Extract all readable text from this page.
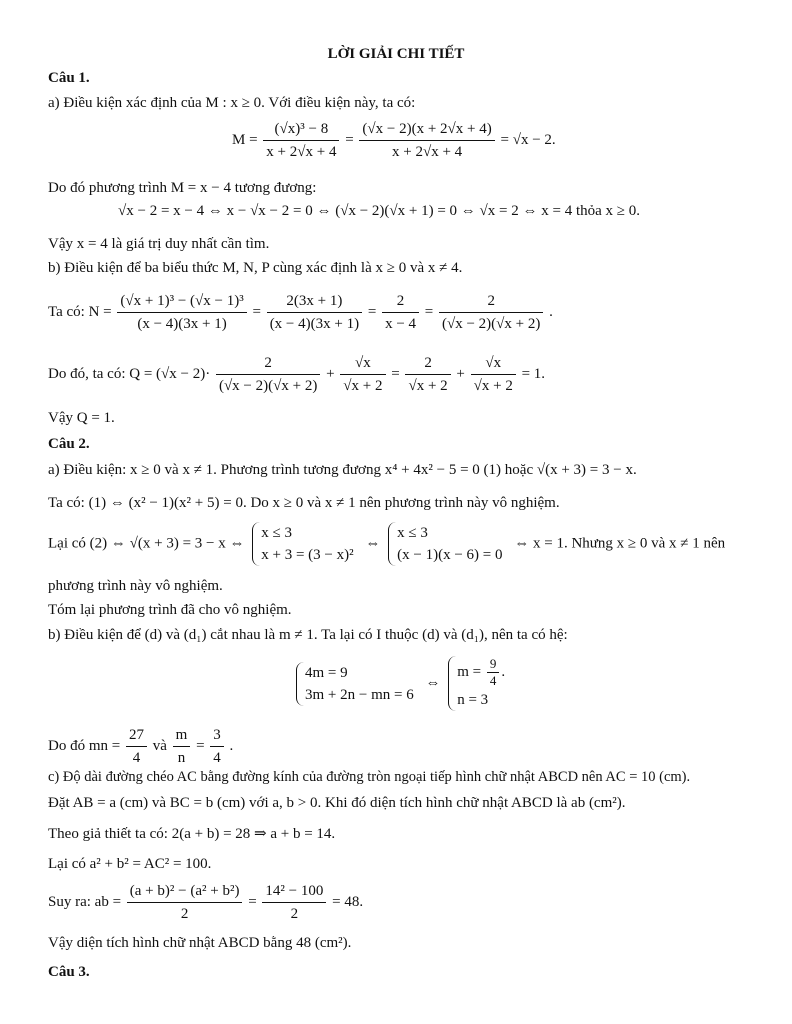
LỜI GIẢI CHI TIẾT
Câu 1.
a) Điều kiện xác định của M : x ≥ 0. Với điều kiện này, ta có:
$M = \frac{\text{(√x)³ − 8}}{x + 2√x + 4} = \frac{(√x - 2)(x + 2√x + 4)}{x + 2√x + 4} = √x - 2$.
Do đó phương trình M = x − 4 tương đương:
√x − 2 = x − 4 ⇔ x − √x − 2 = 0 ⇔ (√x − 2)(√x + 1) = 0 ⇔ √x = 2 ⇔ x = 4 thỏa x ≥ 0.
Vậy x = 4 là giá trị duy nhất cần tìm.
b) Điều kiện để ba biểu thức M, N, P cùng xác định là x ≥ 0 và x ≠ 4.
Ta có: $N = \frac{\text{(√x + 1)³ − (√x − 1)³}}{(x - 4)(3x + 1)} = \frac{2(3x + 1)}{(x - 4)(3x + 1)} = \frac{2}{x - 4} = \frac{2}{(√x - 2)(√x + 2)}$ .
Do đó, ta có: $Q = (√x - 2)\cdot \frac{2}{(√x - 2)(√x + 2)} + \frac{√x}{√x + 2} = \frac{2}{√x + 2} + \frac{√x}{√x + 2} = 1$.
Vậy Q = 1.
Câu 2.
a) Điều kiện: x ≥ 0 và x ≠ 1. Phương trình tương đương x⁴ + 4x² − 5 = 0 (1) hoặc √(x + 3) = 3 − x.
Ta có: (1) ⇔ (x² − 1)(x² + 5) = 0. Do x ≥ 0 và x ≠ 1 nên phương trình này vô nghiệm.
Lại có (2) ⇔ √(x + 3) = 3 − x ⇔
x ≤ 3
x + 3 = (3 − x)²
⇔
x ≤ 3
(x − 1)(x − 6) = 0
⇔ x = 1. Nhưng x ≥ 0 và x ≠ 1 nên
phương trình này vô nghiệm.
Tóm lại phương trình đã cho vô nghiệm.
b) Điều kiện để (d) và (d₁) cắt nhau là m ≠ 1. Ta lại có I thuộc (d) và (d₁), nên ta có hệ:
4m = 9
3m + 2n − mn = 6
⇔
$m = \frac{9}{4}$ .
n = 3
Do đó mn = $\frac{27}{4}$ và $\frac{m}{n} = \frac{3}{4}$ .
c) Độ dài đường chéo AC bằng đường kính của đường tròn ngoại tiếp hình chữ nhật ABCD nên AC = 10 (cm).
Đặt AB = a (cm) và BC = b (cm) với a, b > 0. Khi đó diện tích hình chữ nhật ABCD là ab (cm²).
Theo giả thiết ta có: 2(a + b) = 28 ⇒ a + b = 14.
Lại có a² + b² = AC² = 100.
Suy ra: ab = $\frac{\text{(a + b)² − (a² + b²)}}{2} = \frac{\text{14² − 100}}{2} = 48$.
Vậy diện tích hình chữ nhật ABCD bằng 48 (cm²).
Câu 3.
